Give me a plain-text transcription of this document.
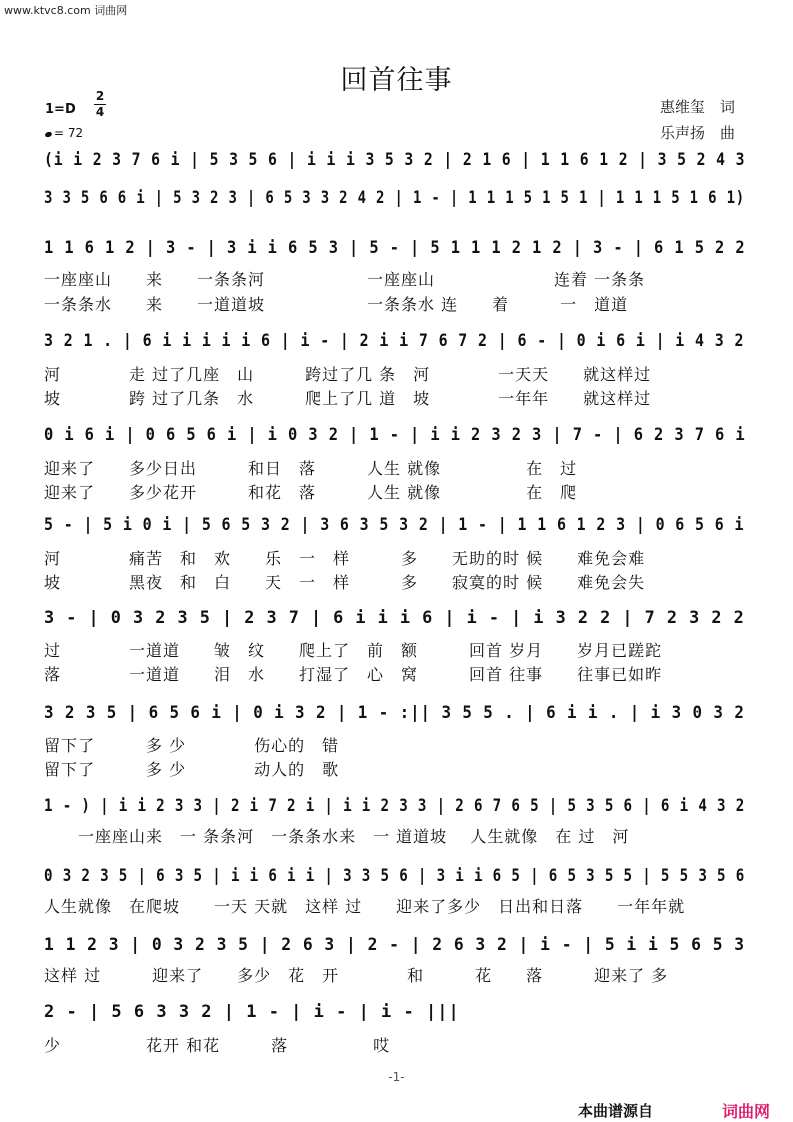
www.ktvc8.com 词曲网
回首往事
1=D
2
4
= 72
惠维玺　词
乐声扬　曲
(i i 2 3 7 6 i | 5 3 5 6 | i i i 3 5 3 2 | 2 1 6 | 1 1 6 1 2 | 3 5 2 4 3
3 3 5 6 6 i | 5 3 2 3 | 6 5 3 3 2 4 2 | 1 - | 1 1 1 5 1 5 1 | 1 1 1 5 1 6 1)
1 1 6 1 2 | 3 - | 3 i i 6 5 3 | 5 - | 5 1 1 1 2 1 2 | 3 - | 6 1 5 2 2
一座座山　　来　　一条条河　　　　　　一座座山　　　　　　　连着 一条条
一条条水　　来　　一道道坡　　　　　　一条条水 连　　着　　　一　道道
3 2 1 . | 6 i i i i i 6 | i - | 2 i i 7 6 7 2 | 6 - | 0 i 6 i | i 4 3 2
河　　　　走 过了几座　山　　　跨过了几 条　河　　　　一天天　　就这样过
坡　　　　跨 过了几条　水　　　爬上了几 道　坡　　　　一年年　　就这样过
0 i 6 i | 0 6 5 6 i | i 0 3 2 | 1 - | i i 2 3 2 3 | 7 - | 6 2 3 7 6 i
迎来了　　多少日出　　　和日　落　　　人生 就像　　　　　在　过
迎来了　　多少花开　　　和花　落　　　人生 就像　　　　　在　爬
5 - | 5 i 0 i | 5 6 5 3 2 | 3 6 3 5 3 2 | 1 - | 1 1 6 1 2 3 | 0 6 5 6 i
河　　　　痛苦　和　欢　　乐　一　样　　　多　　无助的时 候　　难免会难
坡　　　　黑夜　和　白　　天　一　样　　　多　　寂寞的时 候　　难免会失
3 - | 0 3 2 3 5 | 2 3 7 | 6 i i i 6 | i - | i 3 2 2 | 7 2 3 2 2
过　　　　一道道　　皱　纹　　爬上了　前　额　　　回首 岁月　　岁月已蹉跎
落　　　　一道道　　泪　水　　打湿了　心　窝　　　回首 往事　　往事已如昨
3 2 3 5 | 6 5 6 i | 0 i 3 2 | 1 - :|| 3 5 5 . | 6 i i . | i 3 0 3 2
留下了　　　多 少　　　　伤心的　错
留下了　　　多 少　　　　动人的　歌
1 - ) | i i 2 3 3 | 2 i 7 2 i | i i 2 3 3 | 2 6 7 6 5 | 5 3 5 6 | 6 i 4 3 2
　　一座座山来　一 条条河　一条条水来　一 道道坡　 人生就像　在 过　河
0 3 2 3 5 | 6 3 5 | i i 6 i i | 3 3 5 6 | 3 i i 6 5 | 6 5 3 5 5 | 5 5 3 5 6
人生就像　在爬坡　　一天 天就　这样 过　　迎来了多少　日出和日落　　一年年就
1 1 2 3 | 0 3 2 3 5 | 2 6 3 | 2 - | 2 6 3 2 | i - | 5 i i 5 6 5 3
这样 过　　　迎来了　　多少　花　开　　　　和　　　花　　落　　　迎来了 多
2 - | 5 6 3 3 2 | 1 - | i - | i - |||
少　　　　　花开 和花　　　落　　　　　哎
-1-
本曲谱源自	词曲网
